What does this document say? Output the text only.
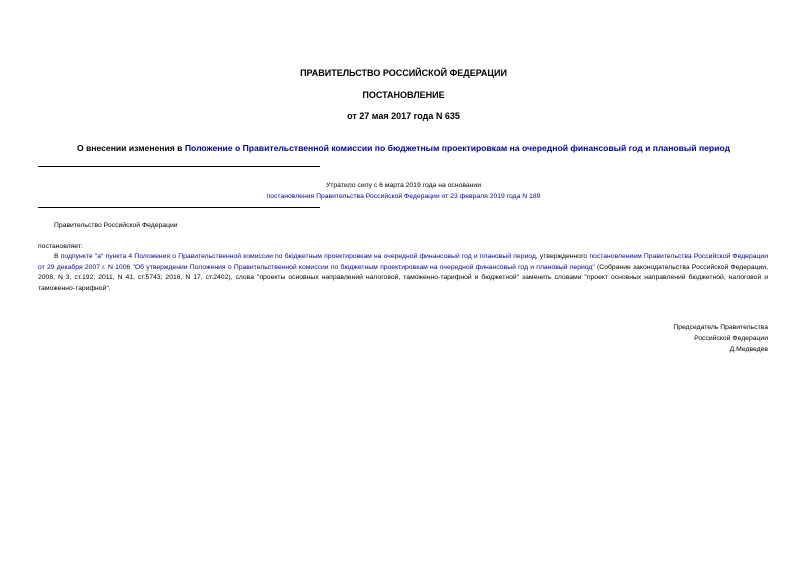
ПРАВИТЕЛЬСТВО РОССИЙСКОЙ ФЕДЕРАЦИИ
ПОСТАНОВЛЕНИЕ
от 27 мая 2017 года N 635
О внесении изменения в Положение о Правительственной комиссии по бюджетным проектировкам на очередной финансовый год и плановый период
Утратило силу с 6 марта 2019 года на основании
постановления Правительства Российской Федерации от 23 февраля 2019 года N 189
Правительство Российской Федерации
постановляет:

В подпункте "а" пункта 4 Положения о Правительственной комиссии по бюджетным проектировкам на очередной финансовый год и плановый период, утвержденного постановлением Правительства Российской Федерации от 29 декабря 2007 г. N 1006 "Об утверждении Положения о Правительственной комиссии по бюджетным проектировкам на очередной финансовый год и плановый период" (Собрание законодательства Российской Федерации, 2008, N 3, ст.192; 2011, N 41, ст.5743; 2016, N 17, ст.2402), слова "проекты основных направлений налоговой, таможенно-тарифной и бюджетной" заменить словами "проект основных направлений бюджетной, налоговой и таможенно-тарифной".

Председатель Правительства
Российской Федерации
Д.Медведев
